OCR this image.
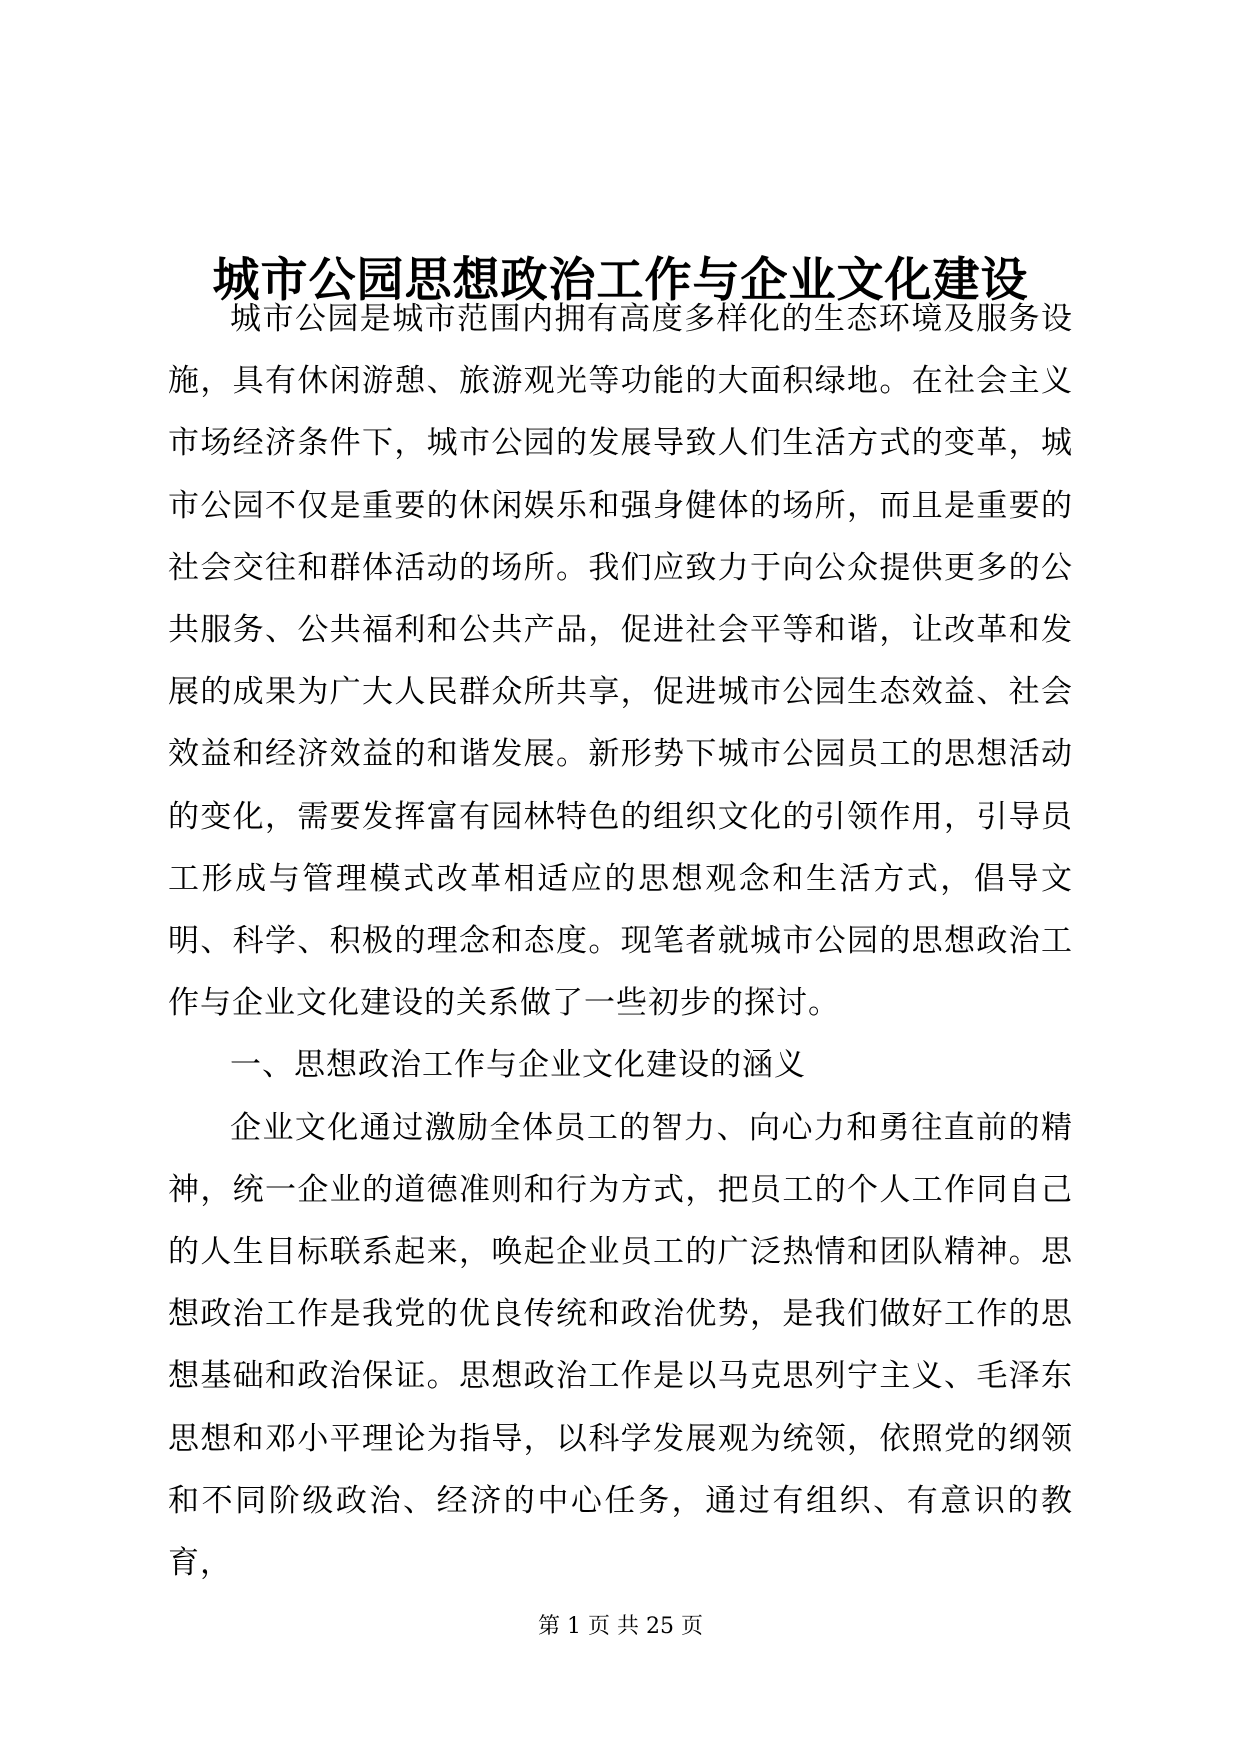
城市公园思想政治工作与企业文化建设

城市公园是城市范围内拥有高度多样化的生态环境及服务设施，具有休闲游憩、旅游观光等功能的大面积绿地。在社会主义市场经济条件下，城市公园的发展导致人们生活方式的变革，城市公园不仅是重要的休闲娱乐和强身健体的场所，而且是重要的社会交往和群体活动的场所。我们应致力于向公众提供更多的公共服务、公共福利和公共产品，促进社会平等和谐，让改革和发展的成果为广大人民群众所共享，促进城市公园生态效益、社会效益和经济效益的和谐发展。新形势下城市公园员工的思想活动的变化，需要发挥富有园林特色的组织文化的引领作用，引导员工形成与管理模式改革相适应的思想观念和生活方式，倡导文明、科学、积极的理念和态度。现笔者就城市公园的思想政治工作与企业文化建设的关系做了一些初步的探讨。

一、思想政治工作与企业文化建设的涵义

企业文化通过激励全体员工的智力、向心力和勇往直前的精神，统一企业的道德准则和行为方式，把员工的个人工作同自己的人生目标联系起来，唤起企业员工的广泛热情和团队精神。思想政治工作是我党的优良传统和政治优势，是我们做好工作的思想基础和政治保证。思想政治工作是以马克思列宁主义、毛泽东思想和邓小平理论为指导，以科学发展观为统领，依照党的纲领和不同阶级政治、经济的中心任务，通过有组织、有意识的教育，

第 1 页 共 25 页
